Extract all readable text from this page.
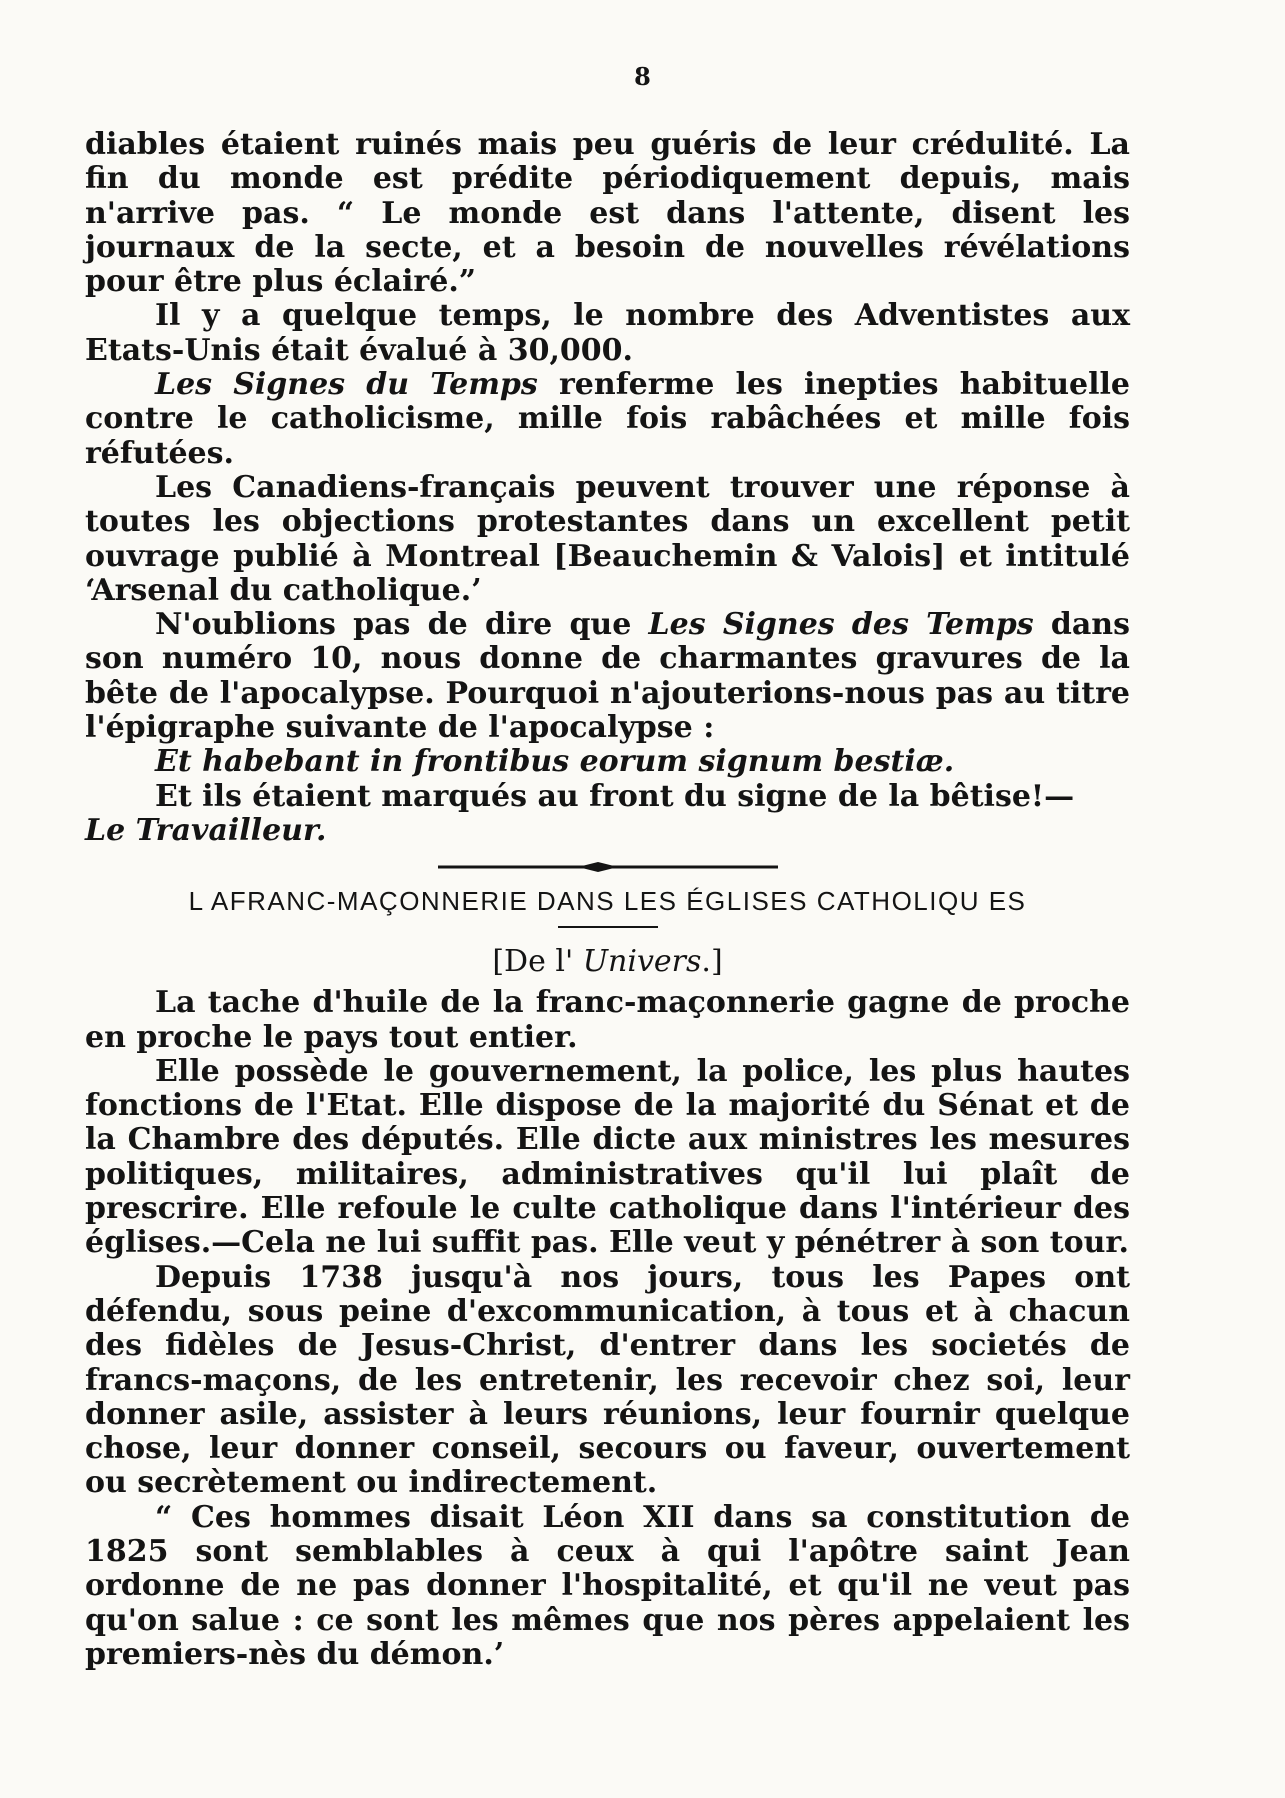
8

diables étaient ruinés mais peu guéris de leur crédulité. La fin du monde est prédite périodiquement depuis, mais n'arrive pas. “ Le monde est dans l'attente, disent les journaux de la secte, et a besoin de nouvelles révélations pour être plus éclairé.”

Il y a quelque temps, le nombre des Adventistes aux Etats-Unis était évalué à 30,000.

Les Signes du Temps renferme les inepties habituelle contre le catholicisme, mille fois rabâchées et mille fois réfutées.

Les Canadiens-français peuvent trouver une réponse à toutes les objections protestantes dans un excellent petit ouvrage publié à Montreal [Beauchemin & Valois] et intitulé ‘Arsenal du catholique.’

N'oublions pas de dire que Les Signes des Temps dans son numéro 10, nous donne de charmantes gravures de la bête de l'apocalypse. Pourquoi n'ajouterions-nous pas au titre l'épigraphe suivante de l'apocalypse :

Et habebant in frontibus eorum signum bestiæ.

Et ils étaient marqués au front du signe de la bêtise!—

Le Travailleur.

L AFRANC-MAÇONNERIE DANS LES ÉGLISES CATHOLIQU ES
[De l' Univers.]

La tache d'huile de la franc-maçonnerie gagne de proche en proche le pays tout entier.

Elle possède le gouvernement, la police, les plus hautes fonctions de l'Etat. Elle dispose de la majorité du Sénat et de la Chambre des députés. Elle dicte aux ministres les mesures politiques, militaires, administratives qu'il lui plaît de prescrire. Elle refoule le culte catholique dans l'intérieur des églises.—Cela ne lui suffit pas. Elle veut y pénétrer à son tour.

Depuis 1738 jusqu'à nos jours, tous les Papes ont défendu, sous peine d'excommunication, à tous et à chacun des fidèles de Jesus-Christ, d'entrer dans les societés de francs-maçons, de les entretenir, les recevoir chez soi, leur donner asile, assister à leurs réunions, leur fournir quelque chose, leur donner conseil, secours ou faveur, ouvertement ou secrètement ou indirectement.

“ Ces hommes disait Léon XII dans sa constitution de 1825 sont semblables à ceux à qui l'apôtre saint Jean ordonne de ne pas donner l'hospitalité, et qu'il ne veut pas qu'on salue : ce sont les mêmes que nos pères appelaient les premiers-nès du démon.’
